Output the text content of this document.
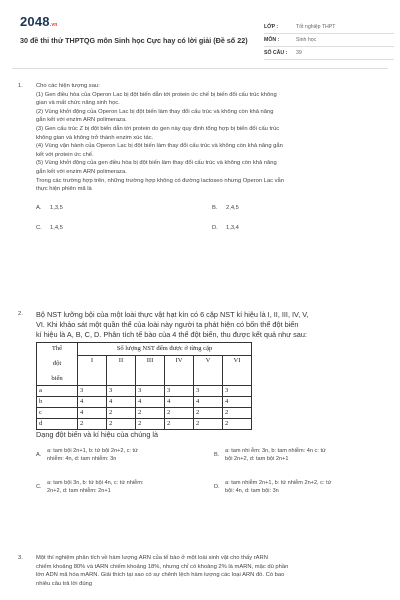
2048.vn
30 đề thi thử THPTQG môn Sinh học Cực hay có lời giải (Đề số 22)
LỚP :	Tốt nghiệp THPT
MÔN :	Sinh học
SỐ CÂU :	39
1.	Cho các hiện tượng sau:
(1) Gen điều hòa của Operon Lac bị đột biến dẫn tới protein ức chế bị biến đổi cấu trúc không
gian và mất chức năng sinh học.
(2) Vùng khởi động của Operon Lac bị đột biến làm thay đổi cấu trúc và không còn khả năng
gắn kết với enzim ARN polimeraza.
(3) Gen cấu trúc Z bị đột biến dẫn tới protein do gen này quy định tổng hợp bị biến đổi cấu trúc
không gian và không trở thành enzim xúc tác.
(4) Vùng vận hành của Operon Lac bị đột biến làm thay đổi cấu trúc và không còn khả năng gắn
kết với protein ức chế.
(5) Vùng khởi động của gen điều hòa bị đột biến làm thay đổi cấu trúc và không còn khả năng
gắn kết với enzim ARN polimeraza.
Trong các trường hợp trên, những trường hợp không có đường lactoseo nhưng Operon Lac vẫn
thực hiện phiên mã là
A. 1,3,5	B. 2,4,5
C. 1,4,5	D. 1,3,4
2.	Bộ NST lưỡng bội của một loài thực vật hạt kín có 6 cặp NST kí hiệu là I, II, III, IV, V,
VI. Khi khảo sát một quần thể của loài này người ta phát hiện có bốn thể đột biến
kí hiệu là A, B, C, D. Phân tích tế bào của 4 thể đột biến, thu được kết quả như sau:
Thể
đột
biến	Số lượng NST đếm được ở từng cặp					
	I	II	III	IV	V	VI
a	3	3	3	3	3	3
b	4	4	4	4	4	4
c	4	2	2	2	2	2
d	2	2	2	2	2	2
Dạng đột biến và kí hiệu của chúng là
A.
a: tam bội 2n+1, b: tứ bội 2n+2, c: tứ
nhiễm: 4n, d: tam nhiễm: 3n
B.
a: tam nhi ễm: 3n, b: tam nhiễm: 4n c: tứ
bội 2n+2, d: tam bội 2n+1
C.
a: tam bội 3n, b: tứ bội 4n, c: tứ nhiễm:
2n+2, d: tam nhiễm: 2n+1
D.
a: tam nhiễm 2n+1, b: tứ nhiễm 2n+2, c: tứ
bội: 4n, d: tam bội: 3n
3.	Một thí nghiệm phân tích về hàm lượng ARN của tế bào ở một loài sinh vật cho thấy rARN
chiếm khoảng 80% và tARN chiếm khoảng 18%, nhưng chỉ có khoảng 2% là mARN, mặc dù phần
lớn ADN mã hóa mARN. Giải thích tại sao có sự chênh lệch hàm lượng các loại ARN đó. Có bao
nhiêu câu trả lời đúng
